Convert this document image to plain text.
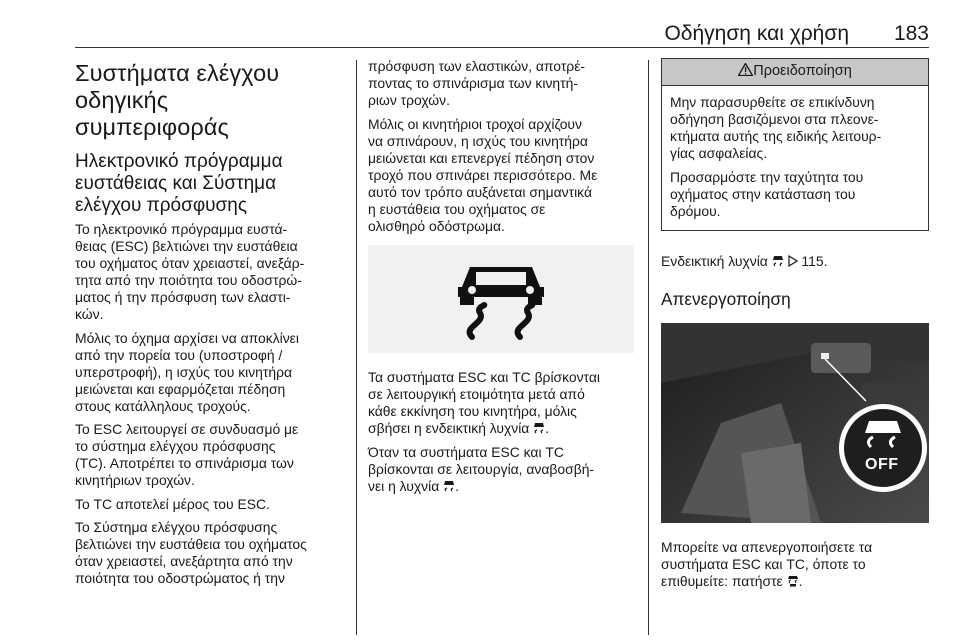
Οδήγηση και χρήση 183
Συστήματα ελέγχου
οδηγικής
συμπεριφοράς
Ηλεκτρονικό πρόγραμμα
ευστάθειας και Σύστημα
ελέγχου πρόσφυσης

Το ηλεκτρονικό πρόγραμμα ευστά-
θειας (ESC) βελτιώνει την ευστάθεια
του οχήματος όταν χρειαστεί, ανεξάρ-
τητα από την ποιότητα του οδοστρώ-
ματος ή την πρόσφυση των ελαστι-
κών.

Μόλις το όχημα αρχίσει να αποκλίνει
από την πορεία του (υποστροφή /
υπερστροφή), η ισχύς του κινητήρα
μειώνεται και εφαρμόζεται πέδηση
στους κατάλληλους τροχούς.

Το ESC λειτουργεί σε συνδυασμό με
το σύστημα ελέγχου πρόσφυσης
(TC). Αποτρέπει το σπινάρισμα των
κινητήριων τροχών.

Το TC αποτελεί μέρος του ESC.

Το Σύστημα ελέγχου πρόσφυσης
βελτιώνει την ευστάθεια του οχήματος
όταν χρειαστεί, ανεξάρτητα από την
ποιότητα του οδοστρώματος ή την

πρόσφυση των ελαστικών, αποτρέ-
ποντας το σπινάρισμα των κινητή-
ριων τροχών.

Μόλις οι κινητήριοι τροχοί αρχίζουν
να σπινάρουν, η ισχύς του κινητήρα
μειώνεται και επενεργεί πέδηση στον
τροχό που σπινάρει περισσότερο. Με
αυτό τον τρόπο αυξάνεται σημαντικά
η ευστάθεια του οχήματος σε
ολισθηρό οδόστρωμα.

Τα συστήματα ESC και TC βρίσκονται
σε λειτουργική ετοιμότητα μετά από
κάθε εκκίνηση του κινητήρα, μόλις
σβήσει η ενδεικτική λυχνία .

Όταν τα συστήματα ESC και TC
βρίσκονται σε λειτουργία, αναβοσβή-
νει η λυχνία .

Προειδοποίηση

Μην παρασυρθείτε σε επικίνδυνη
οδήγηση βασιζόμενοι στα πλεονε-
κτήματα αυτής της ειδικής λειτουρ-
γίας ασφαλείας.

Προσαρμόστε την ταχύτητα του
οχήματος στην κατάσταση του
δρόμου.

Ενδεικτική λυχνία 115.

Απενεργοποίηση
OFF

Μπορείτε να απενεργοποιήσετε τα
συστήματα ESC και TC, όποτε το
επιθυμείτε: πατήστε .
